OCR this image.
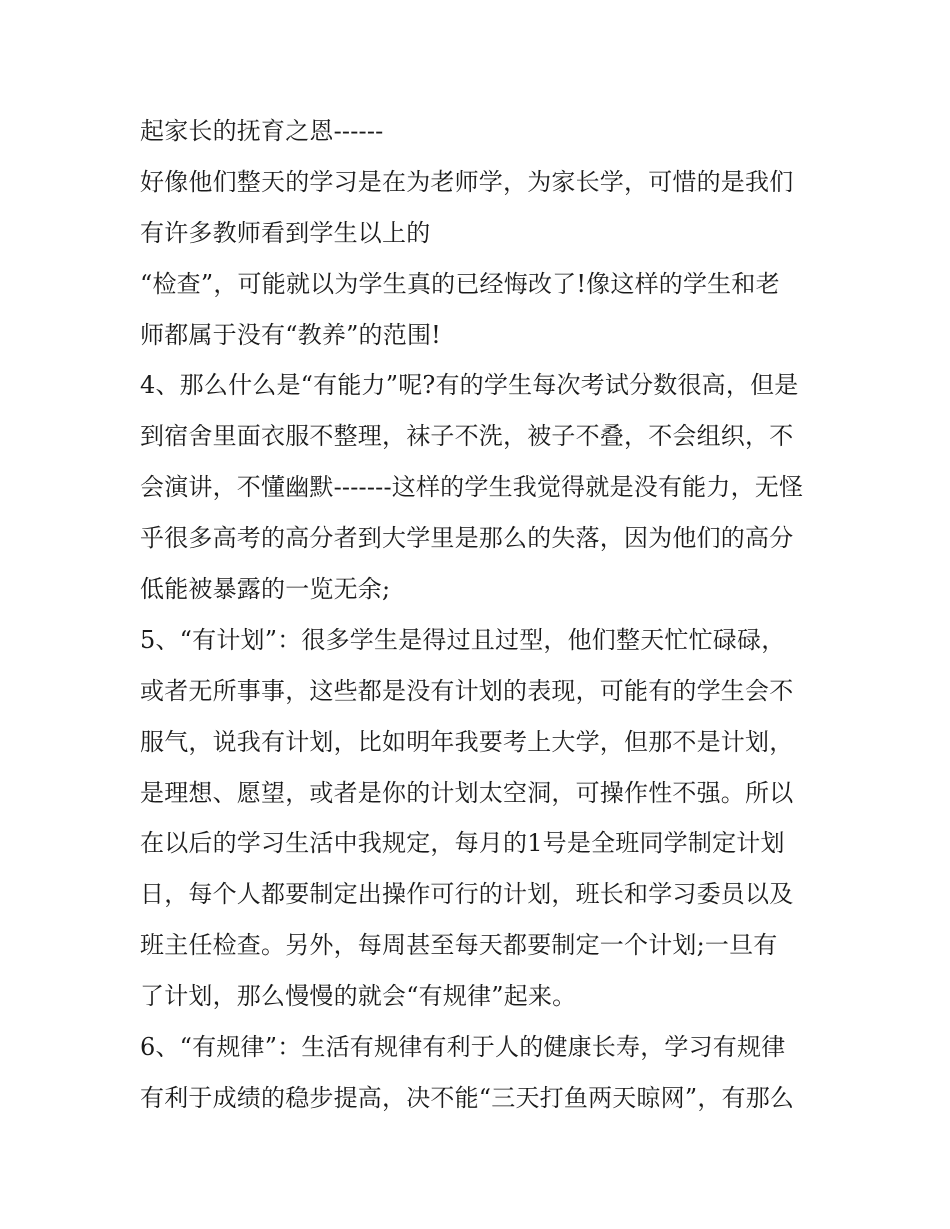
起家长的抚育之恩------
好像他们整天的学习是在为老师学，为家长学，可惜的是我们
有许多教师看到学生以上的
“检查”，可能就以为学生真的已经悔改了!像这样的学生和老
师都属于没有“教养”的范围!
4、那么什么是“有能力”呢?有的学生每次考试分数很高，但是
到宿舍里面衣服不整理，袜子不洗，被子不叠，不会组织，不
会演讲，不懂幽默-------这样的学生我觉得就是没有能力，无怪
乎很多高考的高分者到大学里是那么的失落，因为他们的高分
低能被暴露的一览无余;
5、“有计划”：很多学生是得过且过型，他们整天忙忙碌碌，
或者无所事事，这些都是没有计划的表现，可能有的学生会不
服气，说我有计划，比如明年我要考上大学，但那不是计划，
是理想、愿望，或者是你的计划太空洞，可操作性不强。所以
在以后的学习生活中我规定，每月的1号是全班同学制定计划
日，每个人都要制定出操作可行的计划，班长和学习委员以及
班主任检查。另外，每周甚至每天都要制定一个计划;一旦有
了计划，那么慢慢的就会“有规律”起来。
6、“有规律”：生活有规律有利于人的健康长寿，学习有规律
有利于成绩的稳步提高，决不能“三天打鱼两天晾网”，有那么
